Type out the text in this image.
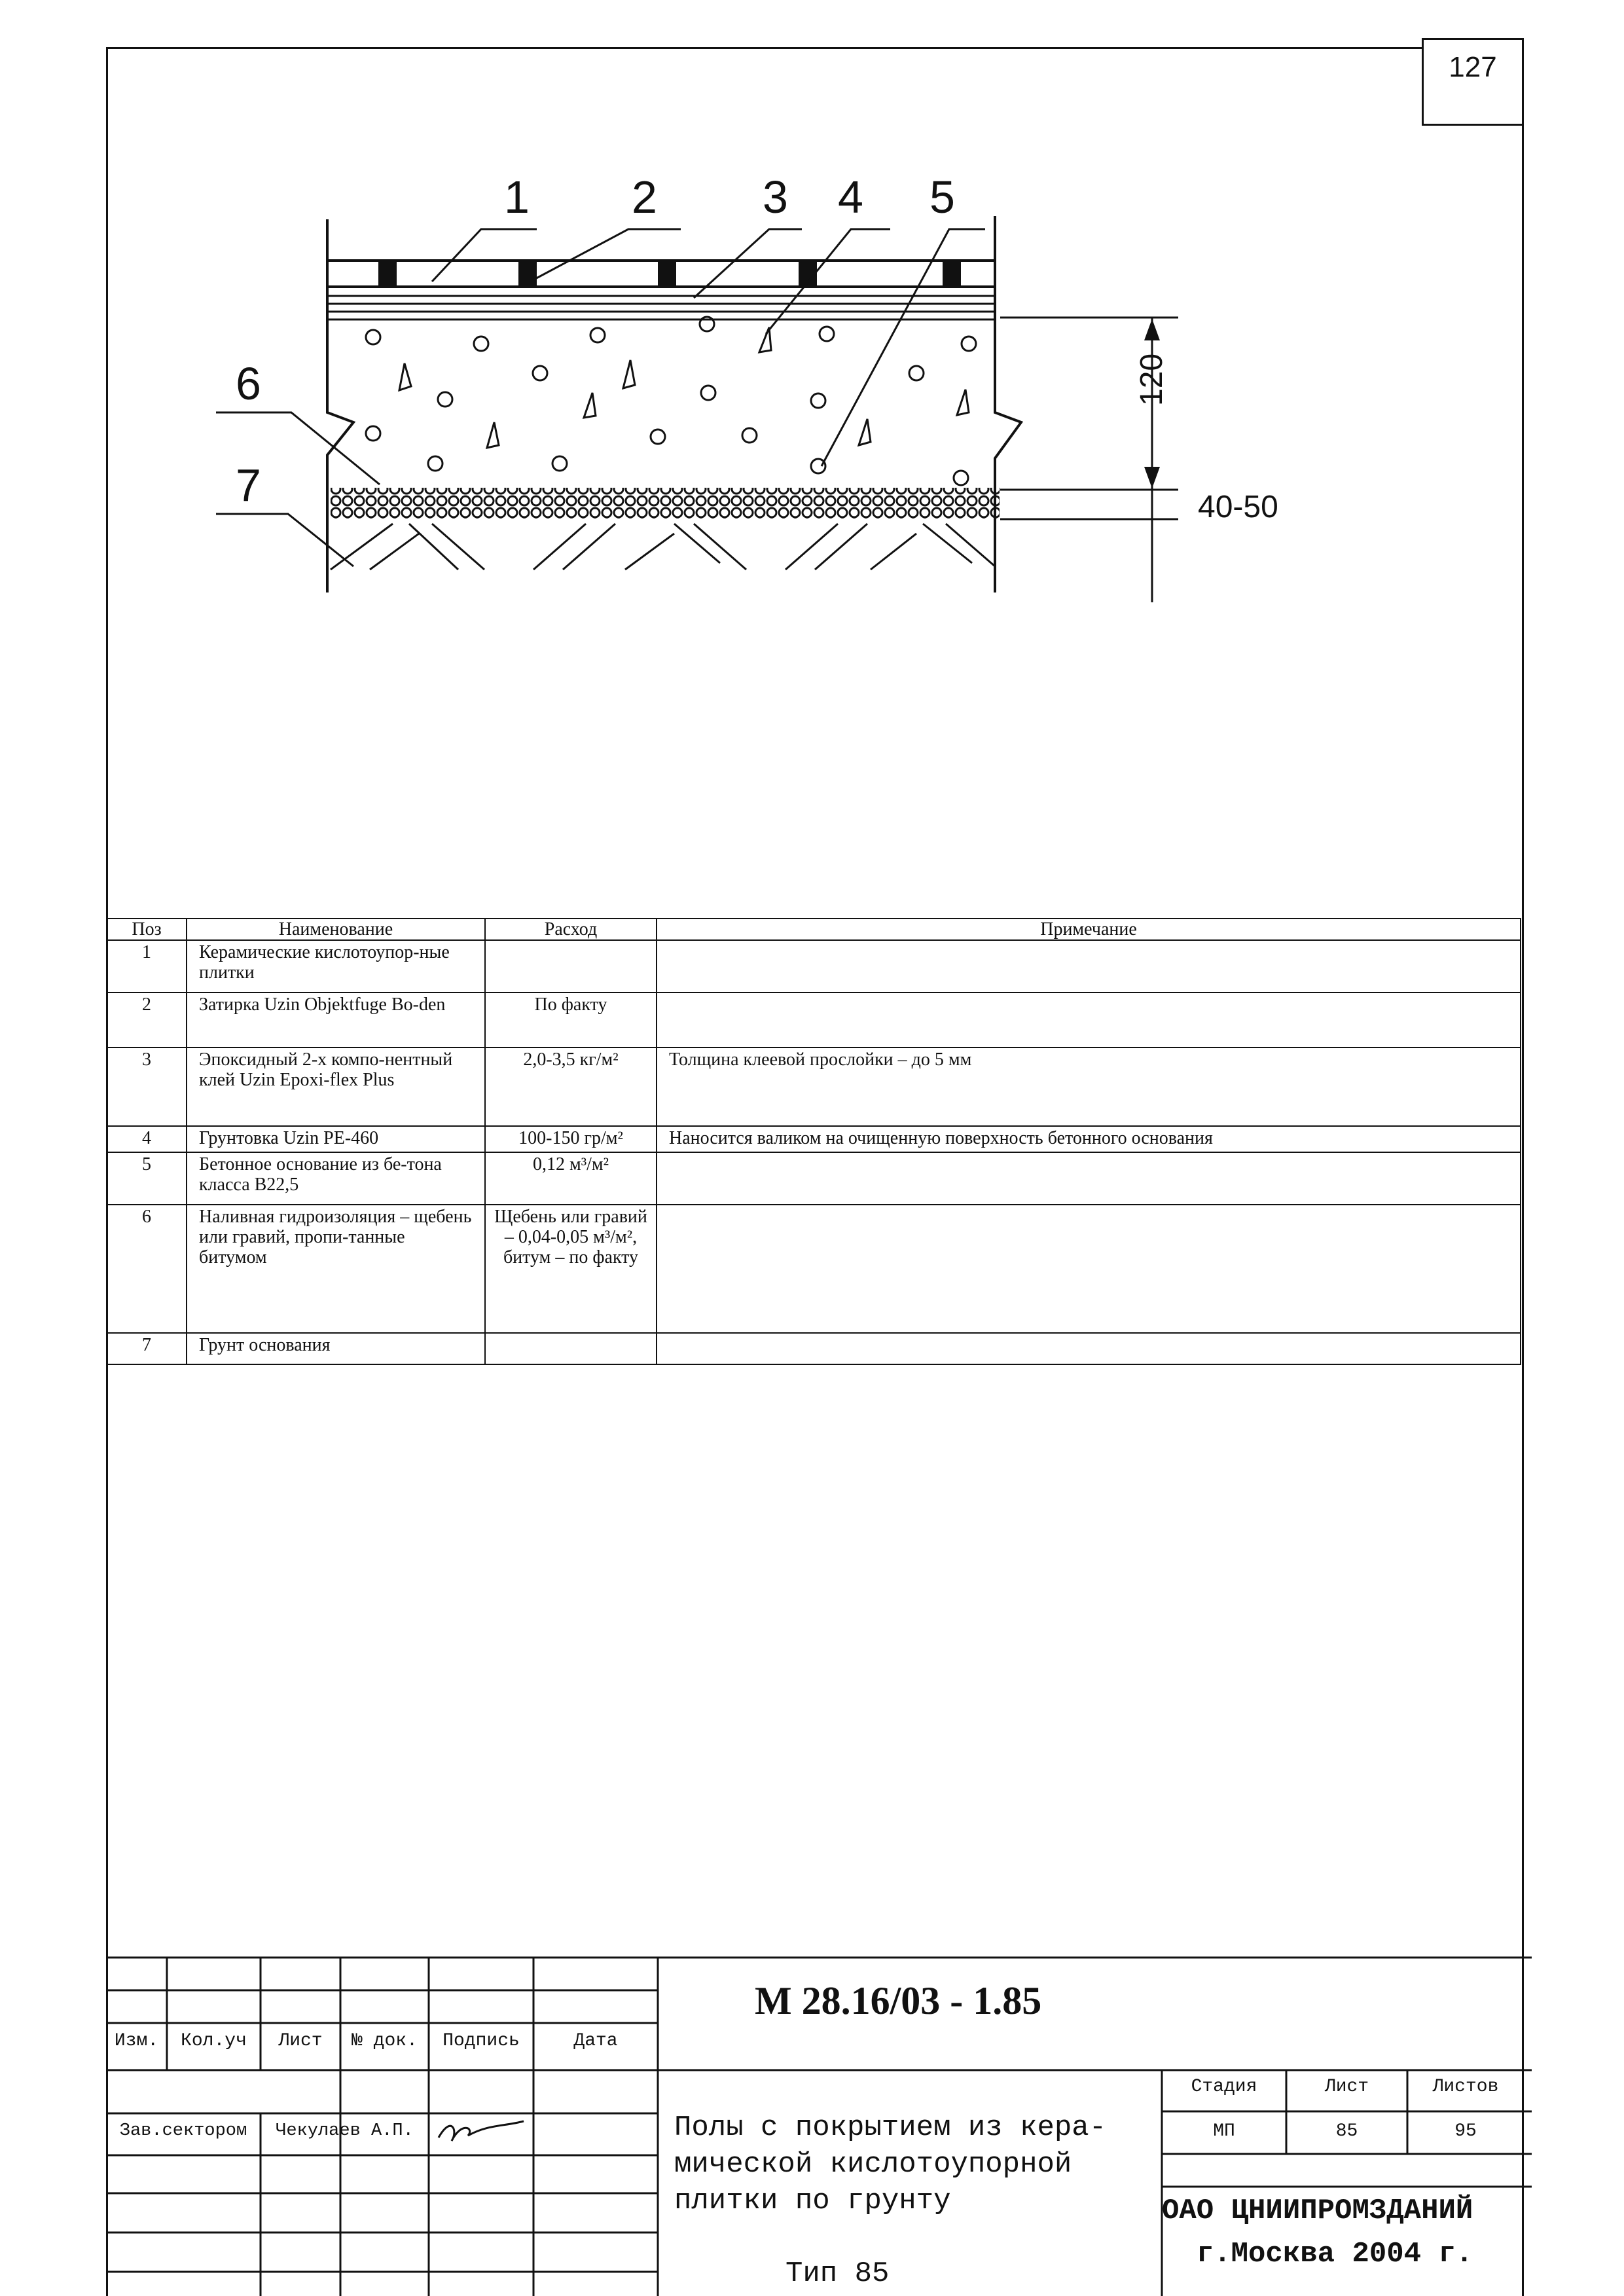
127
1 2 3 4 5
6
7
120
40-50
Поз	Наименование	Расход	Примечание
1	Керамические кислотоупор-ные плитки		
2	Затирка Uzin Objektfuge Bo-den	По факту	
3	Эпоксидный 2-х компо-нентный клей Uzin Epoxi-flex Plus	2,0-3,5 кг/м²	Толщина клеевой прослойки – до 5 мм
4	Грунтовка Uzin PE-460	100-150 гр/м²	Наносится валиком на очищенную поверхность бетонного основания
5	Бетонное основание из бе-тона класса В22,5	0,12 м³/м²	
6	Наливная гидроизоляция – щебень или гравий, пропи-танные битумом	Щебень или гравий – 0,04-0,05 м³/м², битум – по факту	
7	Грунт основания		
Изм.	Кол.уч	Лист	№ док.	Подпись	Дата
Зав.сектором	Чекулаев А.П.
М 28.16/03 - 1.85
Полы с покрытием из кера-
мической кислотоупорной
плитки по грунту
Тип 85
Стадия	Лист	Листов
МП	85	95
ОАО ЦНИИПРОМЗДАНИЙ
г.Москва 2004 г.
